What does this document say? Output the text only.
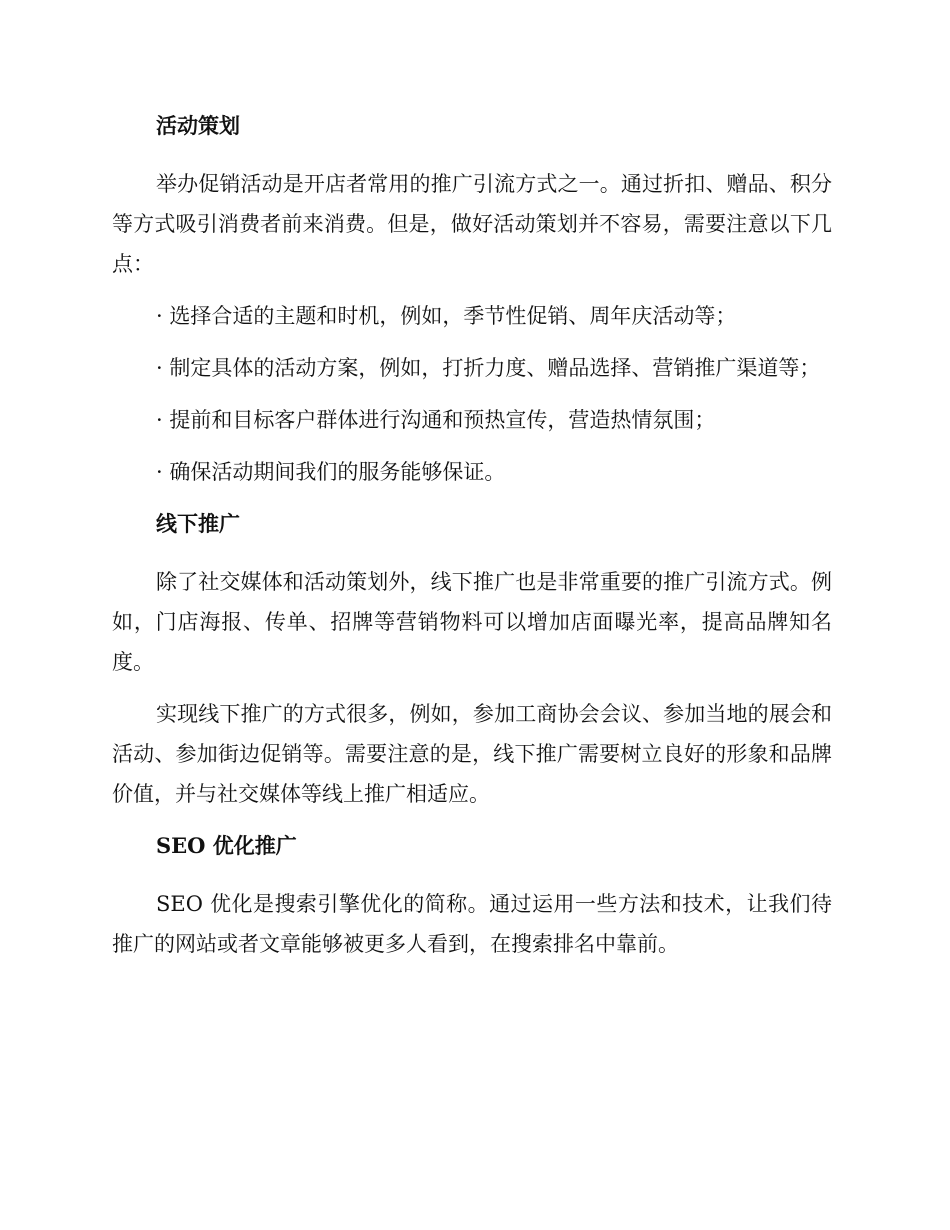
活动策划

举办促销活动是开店者常用的推广引流方式之一。通过折扣、赠品、积分等方式吸引消费者前来消费。但是，做好活动策划并不容易，需要注意以下几点：

· 选择合适的主题和时机，例如，季节性促销、周年庆活动等；

· 制定具体的活动方案，例如，打折力度、赠品选择、营销推广渠道等；

· 提前和目标客户群体进行沟通和预热宣传，营造热情氛围；

· 确保活动期间我们的服务能够保证。

线下推广

除了社交媒体和活动策划外，线下推广也是非常重要的推广引流方式。例如，门店海报、传单、招牌等营销物料可以增加店面曝光率，提高品牌知名度。

实现线下推广的方式很多，例如，参加工商协会会议、参加当地的展会和活动、参加街边促销等。需要注意的是，线下推广需要树立良好的形象和品牌价值，并与社交媒体等线上推广相适应。

SEO 优化推广

SEO 优化是搜索引擎优化的简称。通过运用一些方法和技术，让我们待推广的网站或者文章能够被更多人看到，在搜索排名中靠前。
